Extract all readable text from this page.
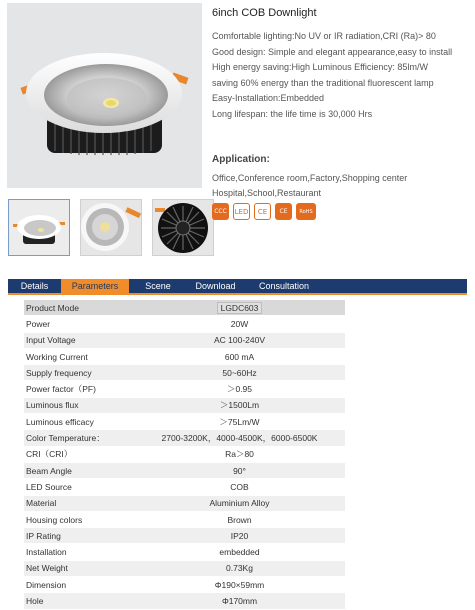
6inch COB Downlight
Comfortable lighting:No UV or IR radiation,CRI (Ra)> 80
Good design: Simple and elegant appearance,easy to install
High energy saving:High Luminous Efficiency: 85lm/W
saving 60% energy than the traditional fluorescent lamp
Easy-Installation:Embedded
Long lifespan: the life time is 30,000 Hrs
Application:
Office,Conference room,Factory,Shopping center
Hospital,School,Restaurant
CCC	LED	CE	CE	RoHS
Details	Parameters	Scene	Download	Consultation
Product Mode	LGDC603
Power	20W
Input Voltage	AC 100-240V
Working Current	600 mA
Supply frequency	50~60Hz
Power factor（PF)	＞0.95
Luminous flux	＞1500Lm
Luminous efficacy	＞75Lm/W
Color Temperature：	2700-3200K，4000-4500K，6000-6500K
CRI（CRI）	Ra＞80
Beam Angle	90°
LED Source	COB
Material	Aluminium Alloy
Housing colors	Brown
IP Rating	IP20
Installation	embedded
Net Weight	0.73Kg
Dimension	Φ190×59mm
Hole	Φ170mm
